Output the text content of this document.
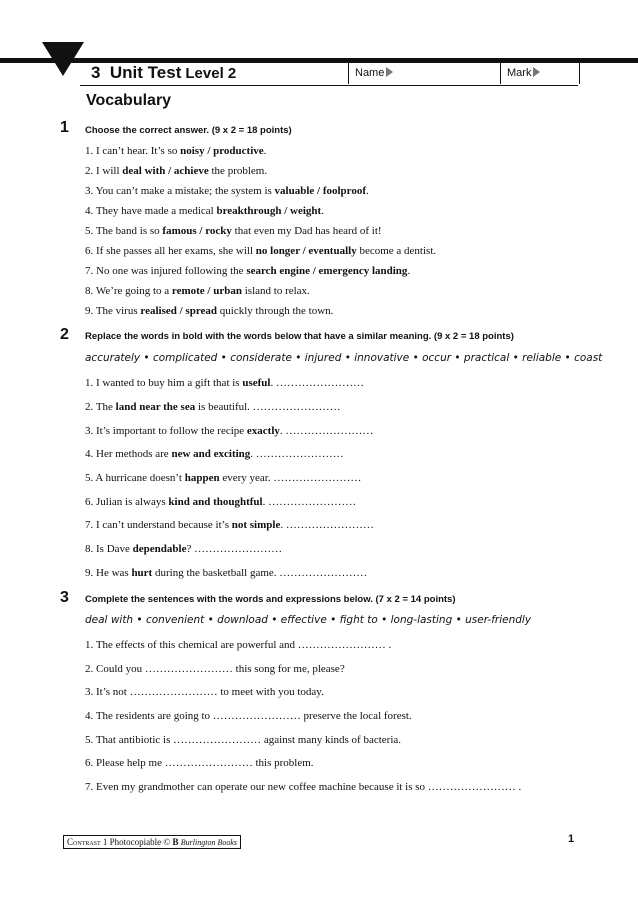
3  Unit Test Level 2	Name	Mark
Vocabulary
1 Choose the correct answer. (9 x 2 = 18 points)
1. I can’t hear. It’s so noisy / productive.
2. I will deal with / achieve the problem.
3. You can’t make a mistake; the system is valuable / foolproof.
4. They have made a medical breakthrough / weight.
5. The band is so famous / rocky that even my Dad has heard of it!
6. If she passes all her exams, she will no longer / eventually become a dentist.
7. No one was injured following the search engine / emergency landing.
8. We’re going to a remote / urban island to relax.
9. The virus realised / spread quickly through the town.
2 Replace the words in bold with the words below that have a similar meaning. (9 x 2 = 18 points)
accurately • complicated • considerate • injured • innovative • occur • practical • reliable • coast
1. I wanted to buy him a gift that is useful. ……………………
2. The land near the sea is beautiful. ……………………
3. It’s important to follow the recipe exactly. ……………………
4. Her methods are new and exciting. ……………………
5. A hurricane doesn’t happen every year. ……………………
6. Julian is always kind and thoughtful. ……………………
7. I can’t understand because it’s not simple. ……………………
8. Is Dave dependable? ……………………
9. He was hurt during the basketball game. ……………………
3 Complete the sentences with the words and expressions below. (7 x 2 = 14 points)
deal with • convenient • download • effective • fight to • long-lasting • user-friendly
1. The effects of this chemical are powerful and …………………… .
2. Could you …………………… this song for me, please?
3. It’s not …………………… to meet with you today.
4. The residents are going to …………………… preserve the local forest.
5. That antibiotic is …………………… against many kinds of bacteria.
6. Please help me …………………… this problem.
7. Even my grandmother can operate our new coffee machine because it is so …………………… .
Contrast 1 Photocopiable © B Burlington Books	1
